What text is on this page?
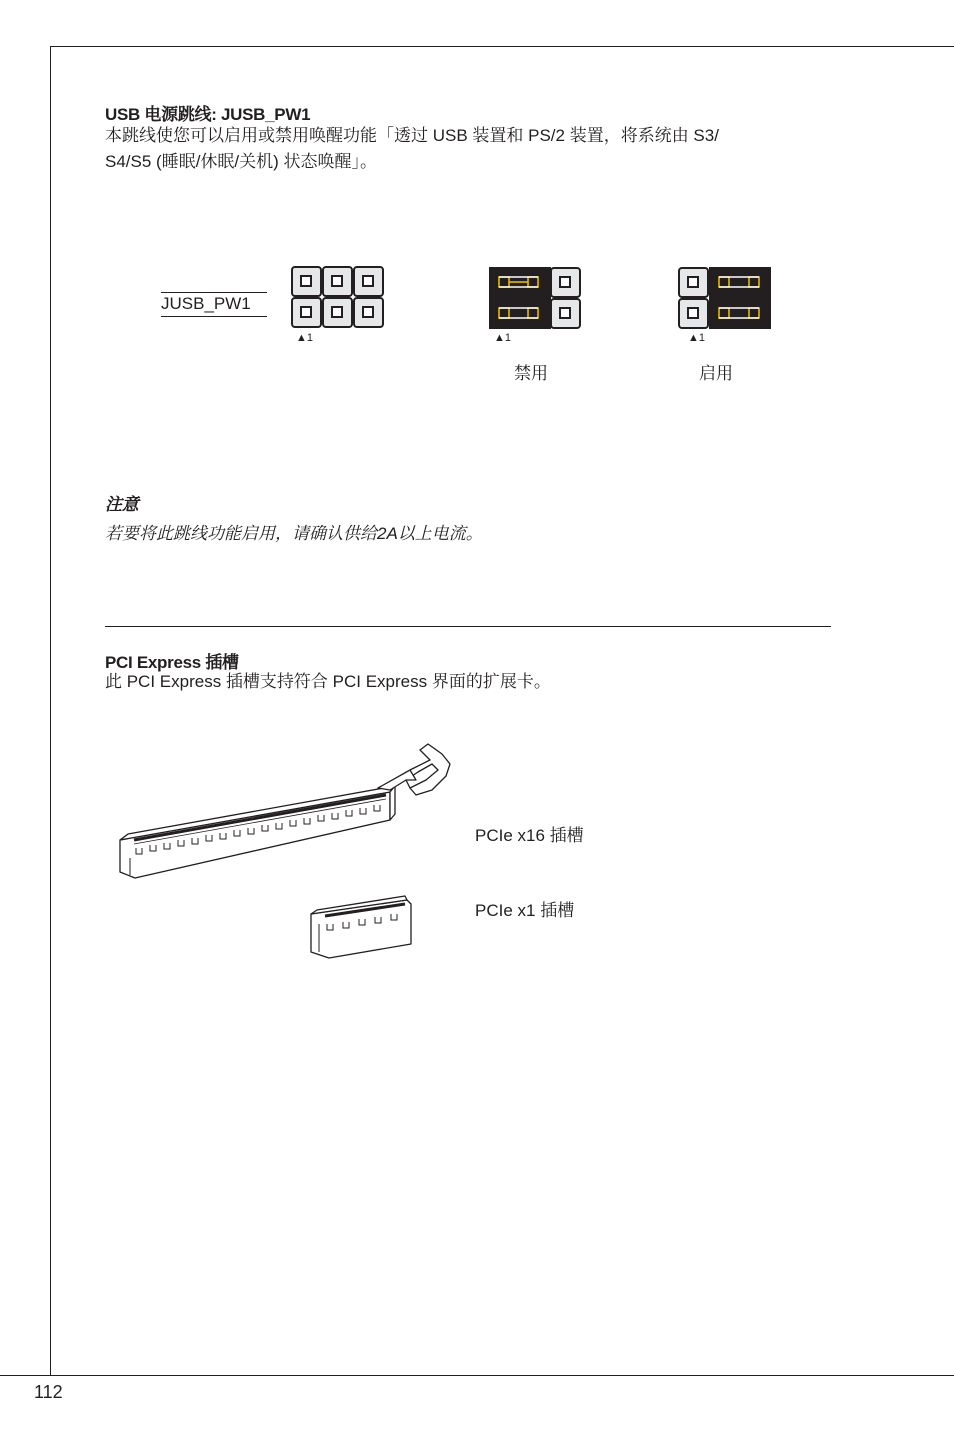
USB 电源跳线: JUSB_PW1
本跳线使您可以启用或禁用唤醒功能「透过 USB 装置和 PS/2 装置，将系统由 S3/
S4/S5 (睡眠/休眠/关机) 状态唤醒」。
JUSB_PW1
▲1	▲1
禁用
▲1
启用
注意
若要将此跳线功能启用，请确认供给2A以上电流。
PCI Express 插槽
此 PCI Express 插槽支持符合 PCI Express 界面的扩展卡。
PCIe x16 插槽
PCIe x1 插槽
112
